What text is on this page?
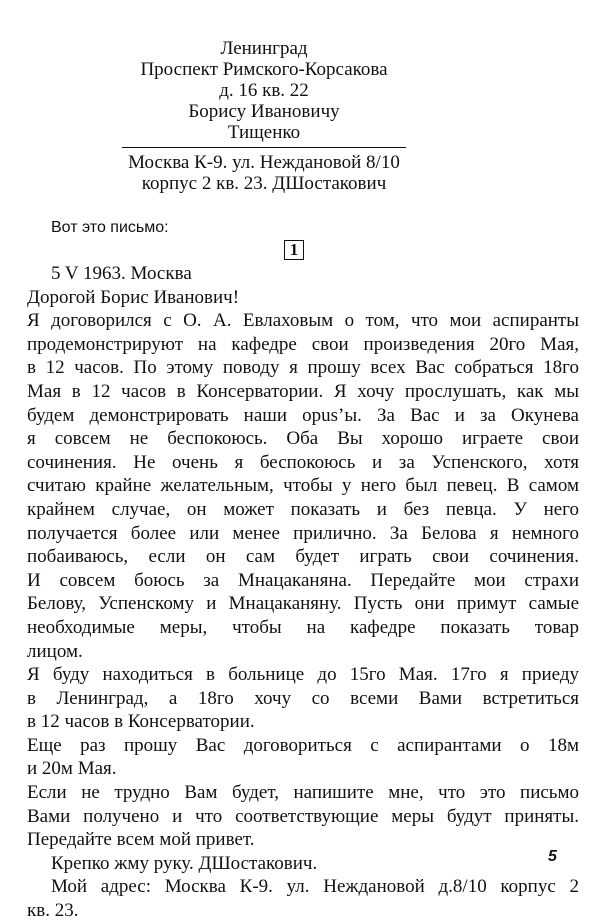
Ленинград
Проспект Римского-Корсакова
д. 16 кв. 22
Борису Ивановичу
Тищенко
Москва К-9. ул. Неждановой 8/10
корпус 2 кв. 23. ДШостакович
Вот это письмо:
1
5 V 1963. Москва
Дорогой Борис Иванович!
Я договорился с О. А. Евлаховым о том, что мои аспиранты
продемонстрируют на кафедре свои произведения 20го Мая,
в 12 часов. По этому поводу я прошу всех Вас собраться 18го
Мая в 12 часов в Консерватории. Я хочу прослушать, как мы
будем демонстрировать наши opus’ы. За Вас и за Окунева
я совсем не беспокоюсь. Оба Вы хорошо играете свои
сочинения. Не очень я беспокоюсь и за Успенского, хотя
считаю крайне желательным, чтобы у него был певец. В самом
крайнем случае, он может показать и без певца. У него
получается более или менее прилично. За Белова я немного
побаиваюсь, если он сам будет играть свои сочинения.
И совсем боюсь за Мнацаканяна. Передайте мои страхи
Белову, Успенскому и Мнацаканяну. Пусть они примут самые
необходимые меры, чтобы на кафедре показать товар
лицом.
Я буду находиться в больнице до 15го Мая. 17го я приеду
в Ленинград, а 18го хочу со всеми Вами встретиться
в 12 часов в Консерватории.
Еще раз прошу Вас договориться с аспирантами о 18м
и 20м Мая.
Если не трудно Вам будет, напишите мне, что это письмо
Вами получено и что соответствующие меры будут приняты.
Передайте всем мой привет.
Крепко жму руку. ДШостакович.
Мой адрес: Москва К-9. ул. Неждановой д.8/10 корпус 2
кв. 23.
5
